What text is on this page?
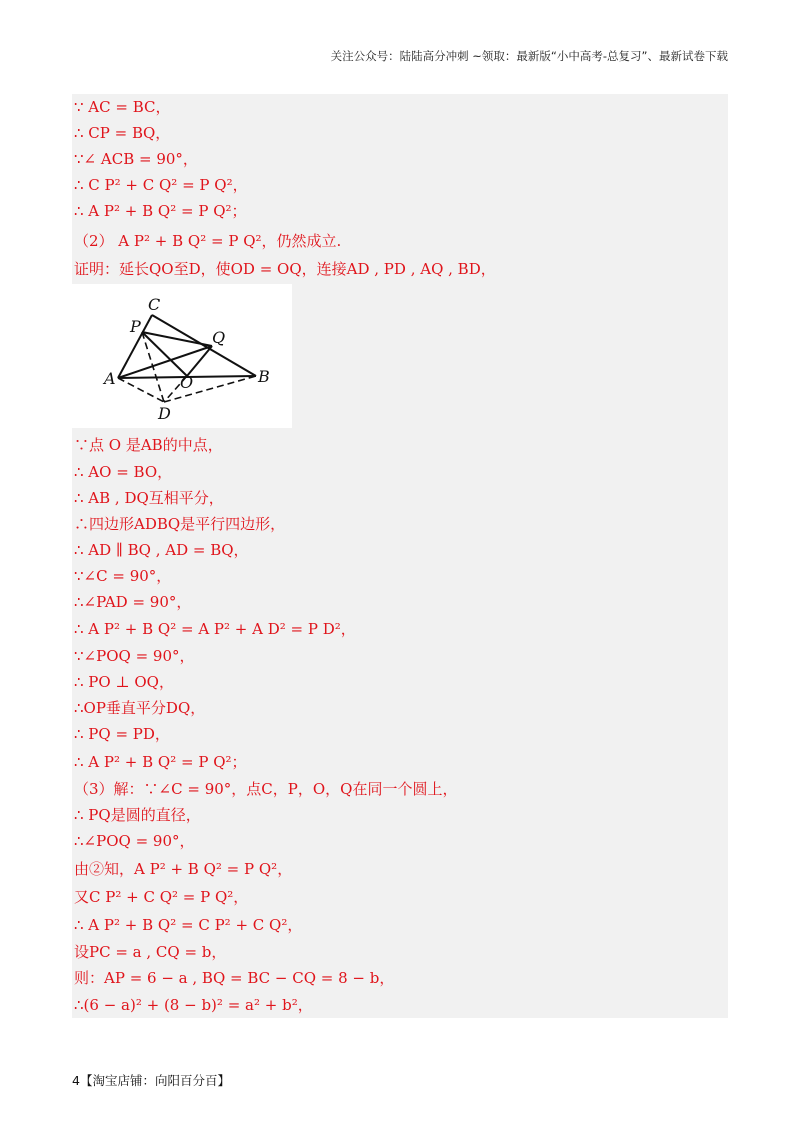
关注公众号：陆陆高分冲刺 ~领取：最新版“小中高考-总复习”、最新试卷下载
∵ AC = BC，
∴ CP = BQ，
∵∠ ACB = 90°，
∴ C P² + C Q² = P Q²，
∴ A P² + B Q² = P Q²；
（2） A P² + B Q² = P Q²，仍然成立.
证明：延长QO至D，使OD = OQ，连接AD , PD , AQ , BD，
C
P
Q
A	O	B
D
∵点 O 是AB的中点，
∴ AO = BO，
∴ AB , DQ互相平分，
∴四边形ADBQ是平行四边形，
∴ AD ∥ BQ , AD = BQ，
∵∠C = 90°，
∴∠PAD = 90°，
∴ A P² + B Q² = A P² + A D² = P D²，
∵∠POQ = 90°，
∴ PO ⊥ OQ，
∴OP垂直平分DQ，
∴ PQ = PD，
∴ A P² + B Q² = P Q²；
（3）解：∵∠C = 90°，点C，P，O，Q在同一个圆上，
∴ PQ是圆的直径，
∴∠POQ = 90°，
由②知，A P² + B Q² = P Q²，
又C P² + C Q² = P Q²，
∴ A P² + B Q² = C P² + C Q²，
设PC = a , CQ = b，
则：AP = 6 − a , BQ = BC − CQ = 8 − b，
∴(6 − a)² + (8 − b)² = a² + b²，
4【淘宝店铺：向阳百分百】
